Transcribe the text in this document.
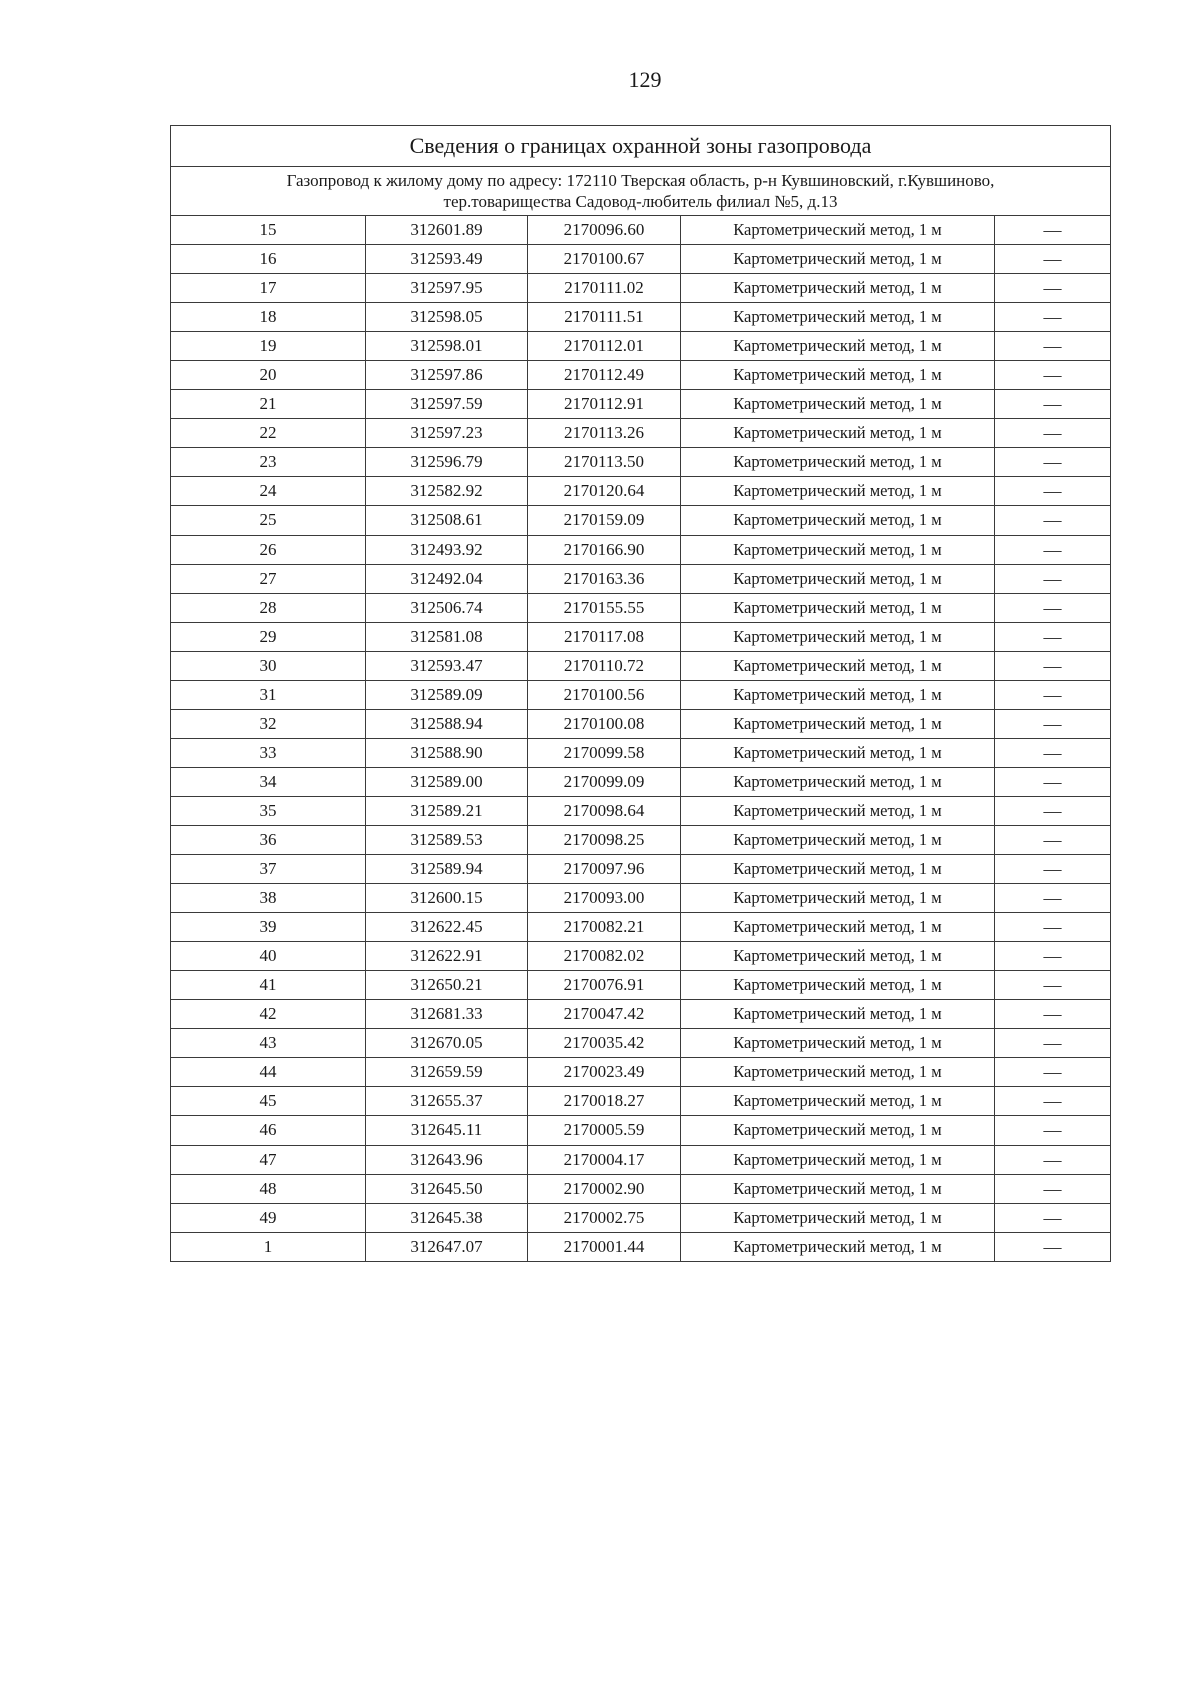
129
Сведения о границах охранной зоны газопровода				

Газопровод к жилому дому по адресу: 172110 Тверская область, р-н Кувшиновский, г.Кувшиново,
тер.товарищества Садовод-любитель филиал №5, д.13				

15	312601.89	2170096.60	Картометрический метод, 1 м	—
16	312593.49	2170100.67	Картометрический метод, 1 м	—
17	312597.95	2170111.02	Картометрический метод, 1 м	—
18	312598.05	2170111.51	Картометрический метод, 1 м	—
19	312598.01	2170112.01	Картометрический метод, 1 м	—
20	312597.86	2170112.49	Картометрический метод, 1 м	—
21	312597.59	2170112.91	Картометрический метод, 1 м	—
22	312597.23	2170113.26	Картометрический метод, 1 м	—
23	312596.79	2170113.50	Картометрический метод, 1 м	—
24	312582.92	2170120.64	Картометрический метод, 1 м	—
25	312508.61	2170159.09	Картометрический метод, 1 м	—
26	312493.92	2170166.90	Картометрический метод, 1 м	—
27	312492.04	2170163.36	Картометрический метод, 1 м	—
28	312506.74	2170155.55	Картометрический метод, 1 м	—
29	312581.08	2170117.08	Картометрический метод, 1 м	—
30	312593.47	2170110.72	Картометрический метод, 1 м	—
31	312589.09	2170100.56	Картометрический метод, 1 м	—
32	312588.94	2170100.08	Картометрический метод, 1 м	—
33	312588.90	2170099.58	Картометрический метод, 1 м	—
34	312589.00	2170099.09	Картометрический метод, 1 м	—
35	312589.21	2170098.64	Картометрический метод, 1 м	—
36	312589.53	2170098.25	Картометрический метод, 1 м	—
37	312589.94	2170097.96	Картометрический метод, 1 м	—
38	312600.15	2170093.00	Картометрический метод, 1 м	—
39	312622.45	2170082.21	Картометрический метод, 1 м	—
40	312622.91	2170082.02	Картометрический метод, 1 м	—
41	312650.21	2170076.91	Картометрический метод, 1 м	—
42	312681.33	2170047.42	Картометрический метод, 1 м	—
43	312670.05	2170035.42	Картометрический метод, 1 м	—
44	312659.59	2170023.49	Картометрический метод, 1 м	—
45	312655.37	2170018.27	Картометрический метод, 1 м	—
46	312645.11	2170005.59	Картометрический метод, 1 м	—
47	312643.96	2170004.17	Картометрический метод, 1 м	—
48	312645.50	2170002.90	Картометрический метод, 1 м	—
49	312645.38	2170002.75	Картометрический метод, 1 м	—
1	312647.07	2170001.44	Картометрический метод, 1 м	—
